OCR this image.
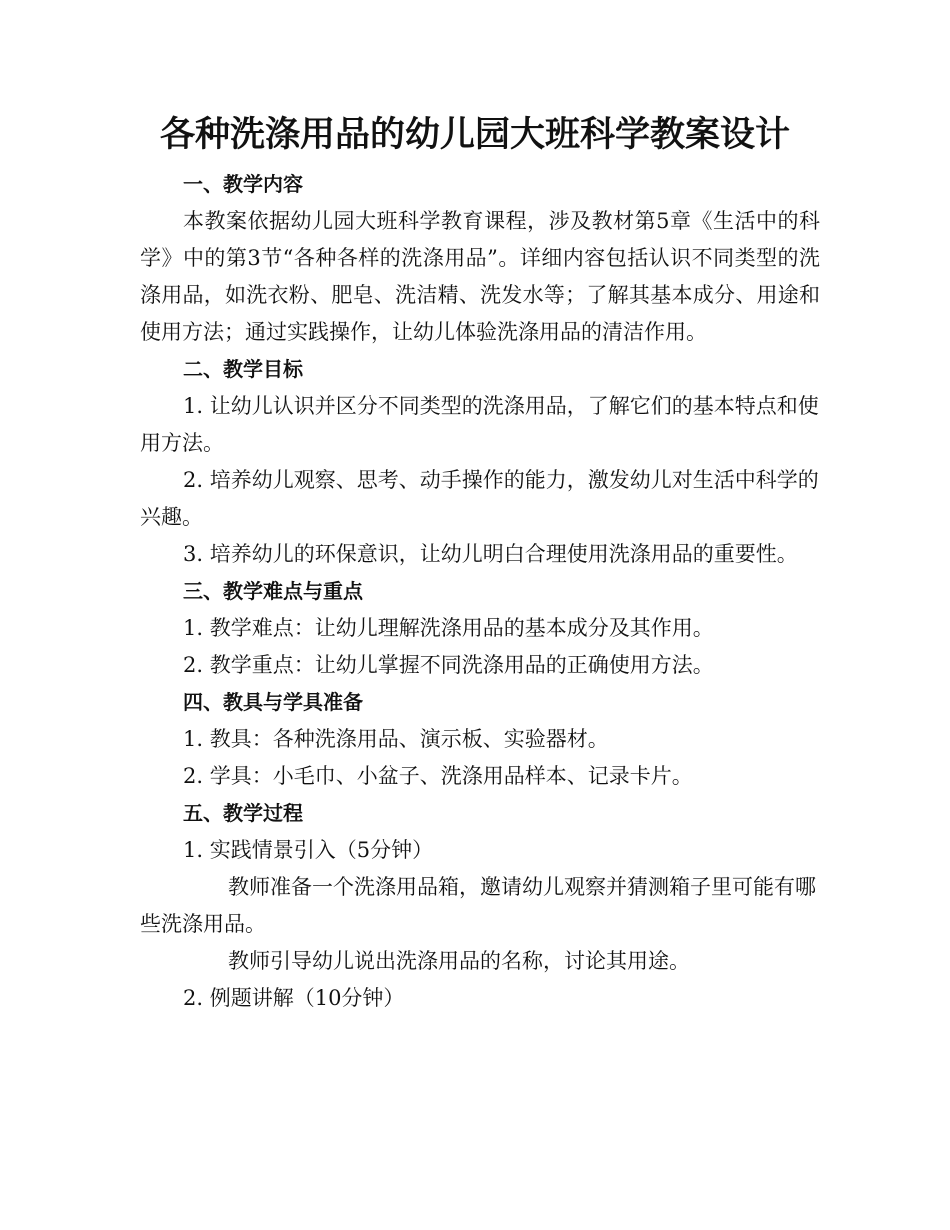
各种洗涤用品的幼儿园大班科学教案设计
一、教学内容
本教案依据幼儿园大班科学教育课程，涉及教材第5章《生活中的科学》中的第3节“各种各样的洗涤用品”。详细内容包括认识不同类型的洗涤用品，如洗衣粉、肥皂、洗洁精、洗发水等；了解其基本成分、用途和使用方法；通过实践操作，让幼儿体验洗涤用品的清洁作用。
二、教学目标
1. 让幼儿认识并区分不同类型的洗涤用品，了解它们的基本特点和使用方法。
2. 培养幼儿观察、思考、动手操作的能力，激发幼儿对生活中科学的兴趣。
3. 培养幼儿的环保意识，让幼儿明白合理使用洗涤用品的重要性。
三、教学难点与重点
1. 教学难点：让幼儿理解洗涤用品的基本成分及其作用。
2. 教学重点：让幼儿掌握不同洗涤用品的正确使用方法。
四、教具与学具准备
1. 教具：各种洗涤用品、演示板、实验器材。
2. 学具：小毛巾、小盆子、洗涤用品样本、记录卡片。
五、教学过程
1. 实践情景引入（5分钟）
教师准备一个洗涤用品箱，邀请幼儿观察并猜测箱子里可能有哪些洗涤用品。
教师引导幼儿说出洗涤用品的名称，讨论其用途。
2. 例题讲解（10分钟）
